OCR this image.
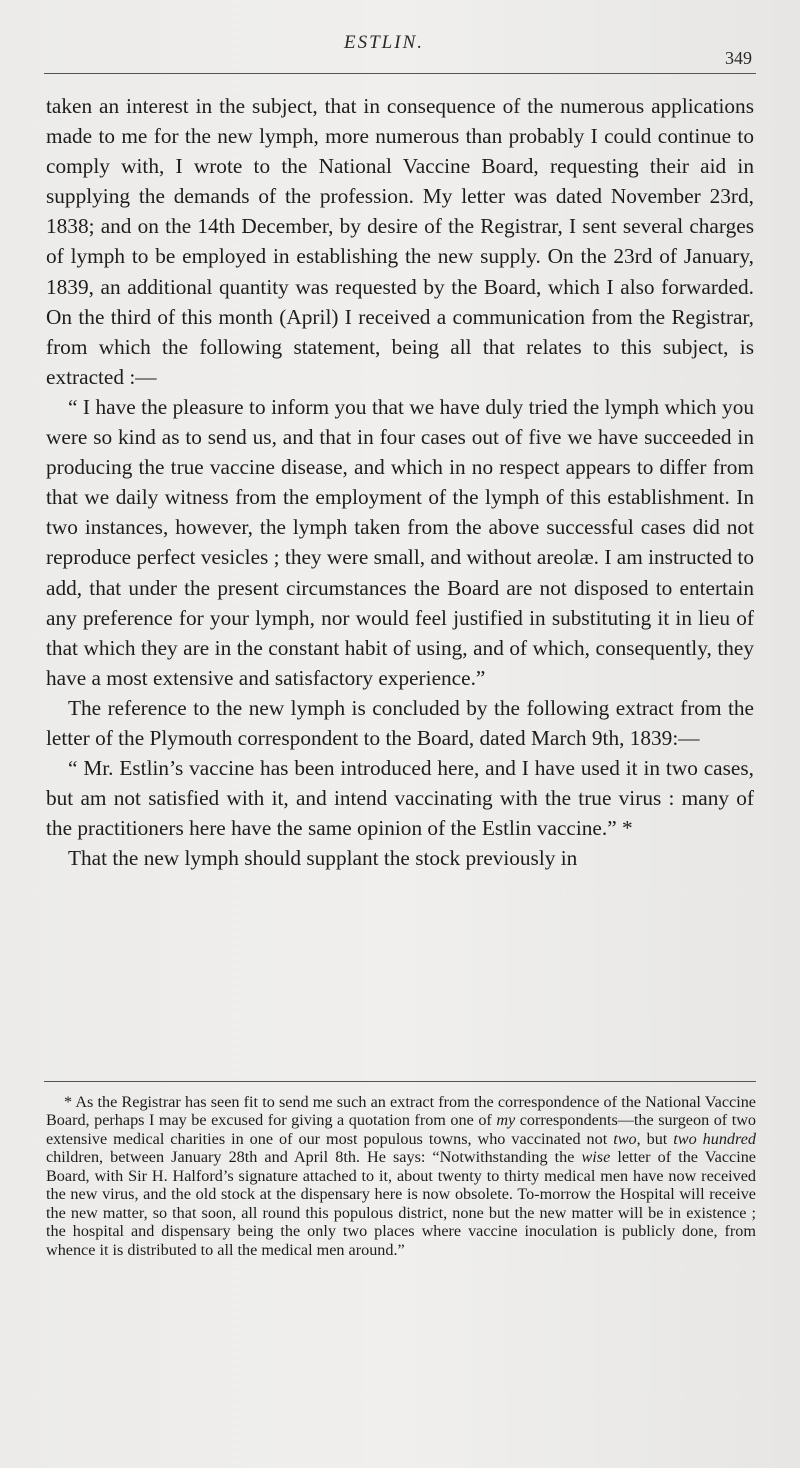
ESTLIN.
349

taken an interest in the subject, that in consequence of the numerous applications made to me for the new lymph, more numerous than probably I could continue to comply with, I wrote to the National Vaccine Board, requesting their aid in supplying the demands of the profession. My letter was dated November 23rd, 1838; and on the 14th December, by desire of the Registrar, I sent several charges of lymph to be employed in establishing the new supply. On the 23rd of January, 1839, an additional quantity was requested by the Board, which I also forwarded. On the third of this month (April) I received a communication from the Registrar, from which the following statement, being all that relates to this subject, is extracted :—

“ I have the pleasure to inform you that we have duly tried the lymph which you were so kind as to send us, and that in four cases out of five we have succeeded in producing the true vaccine disease, and which in no respect appears to differ from that we daily witness from the employment of the lymph of this establishment. In two instances, however, the lymph taken from the above successful cases did not reproduce perfect vesicles ; they were small, and without areolæ. I am instructed to add, that under the present circumstances the Board are not disposed to entertain any preference for your lymph, nor would feel justified in substituting it in lieu of that which they are in the constant habit of using, and of which, consequently, they have a most extensive and satisfactory experience.”

The reference to the new lymph is concluded by the following extract from the letter of the Plymouth correspondent to the Board, dated March 9th, 1839:—

“ Mr. Estlin’s vaccine has been introduced here, and I have used it in two cases, but am not satisfied with it, and intend vaccinating with the true virus : many of the practitioners here have the same opinion of the Estlin vaccine.” *

That the new lymph should supplant the stock previously in

* As the Registrar has seen fit to send me such an extract from the correspondence of the National Vaccine Board, perhaps I may be excused for giving a quotation from one of my correspondents—the surgeon of two extensive medical charities in one of our most populous towns, who vaccinated not two, but two hundred children, between January 28th and April 8th. He says: “Notwithstanding the wise letter of the Vaccine Board, with Sir H. Halford’s signature attached to it, about twenty to thirty medical men have now received the new virus, and the old stock at the dispensary here is now obsolete. To-morrow the Hospital will receive the new matter, so that soon, all round this populous district, none but the new matter will be in existence ; the hospital and dispensary being the only two places where vaccine inoculation is publicly done, from whence it is distributed to all the medical men around.”
